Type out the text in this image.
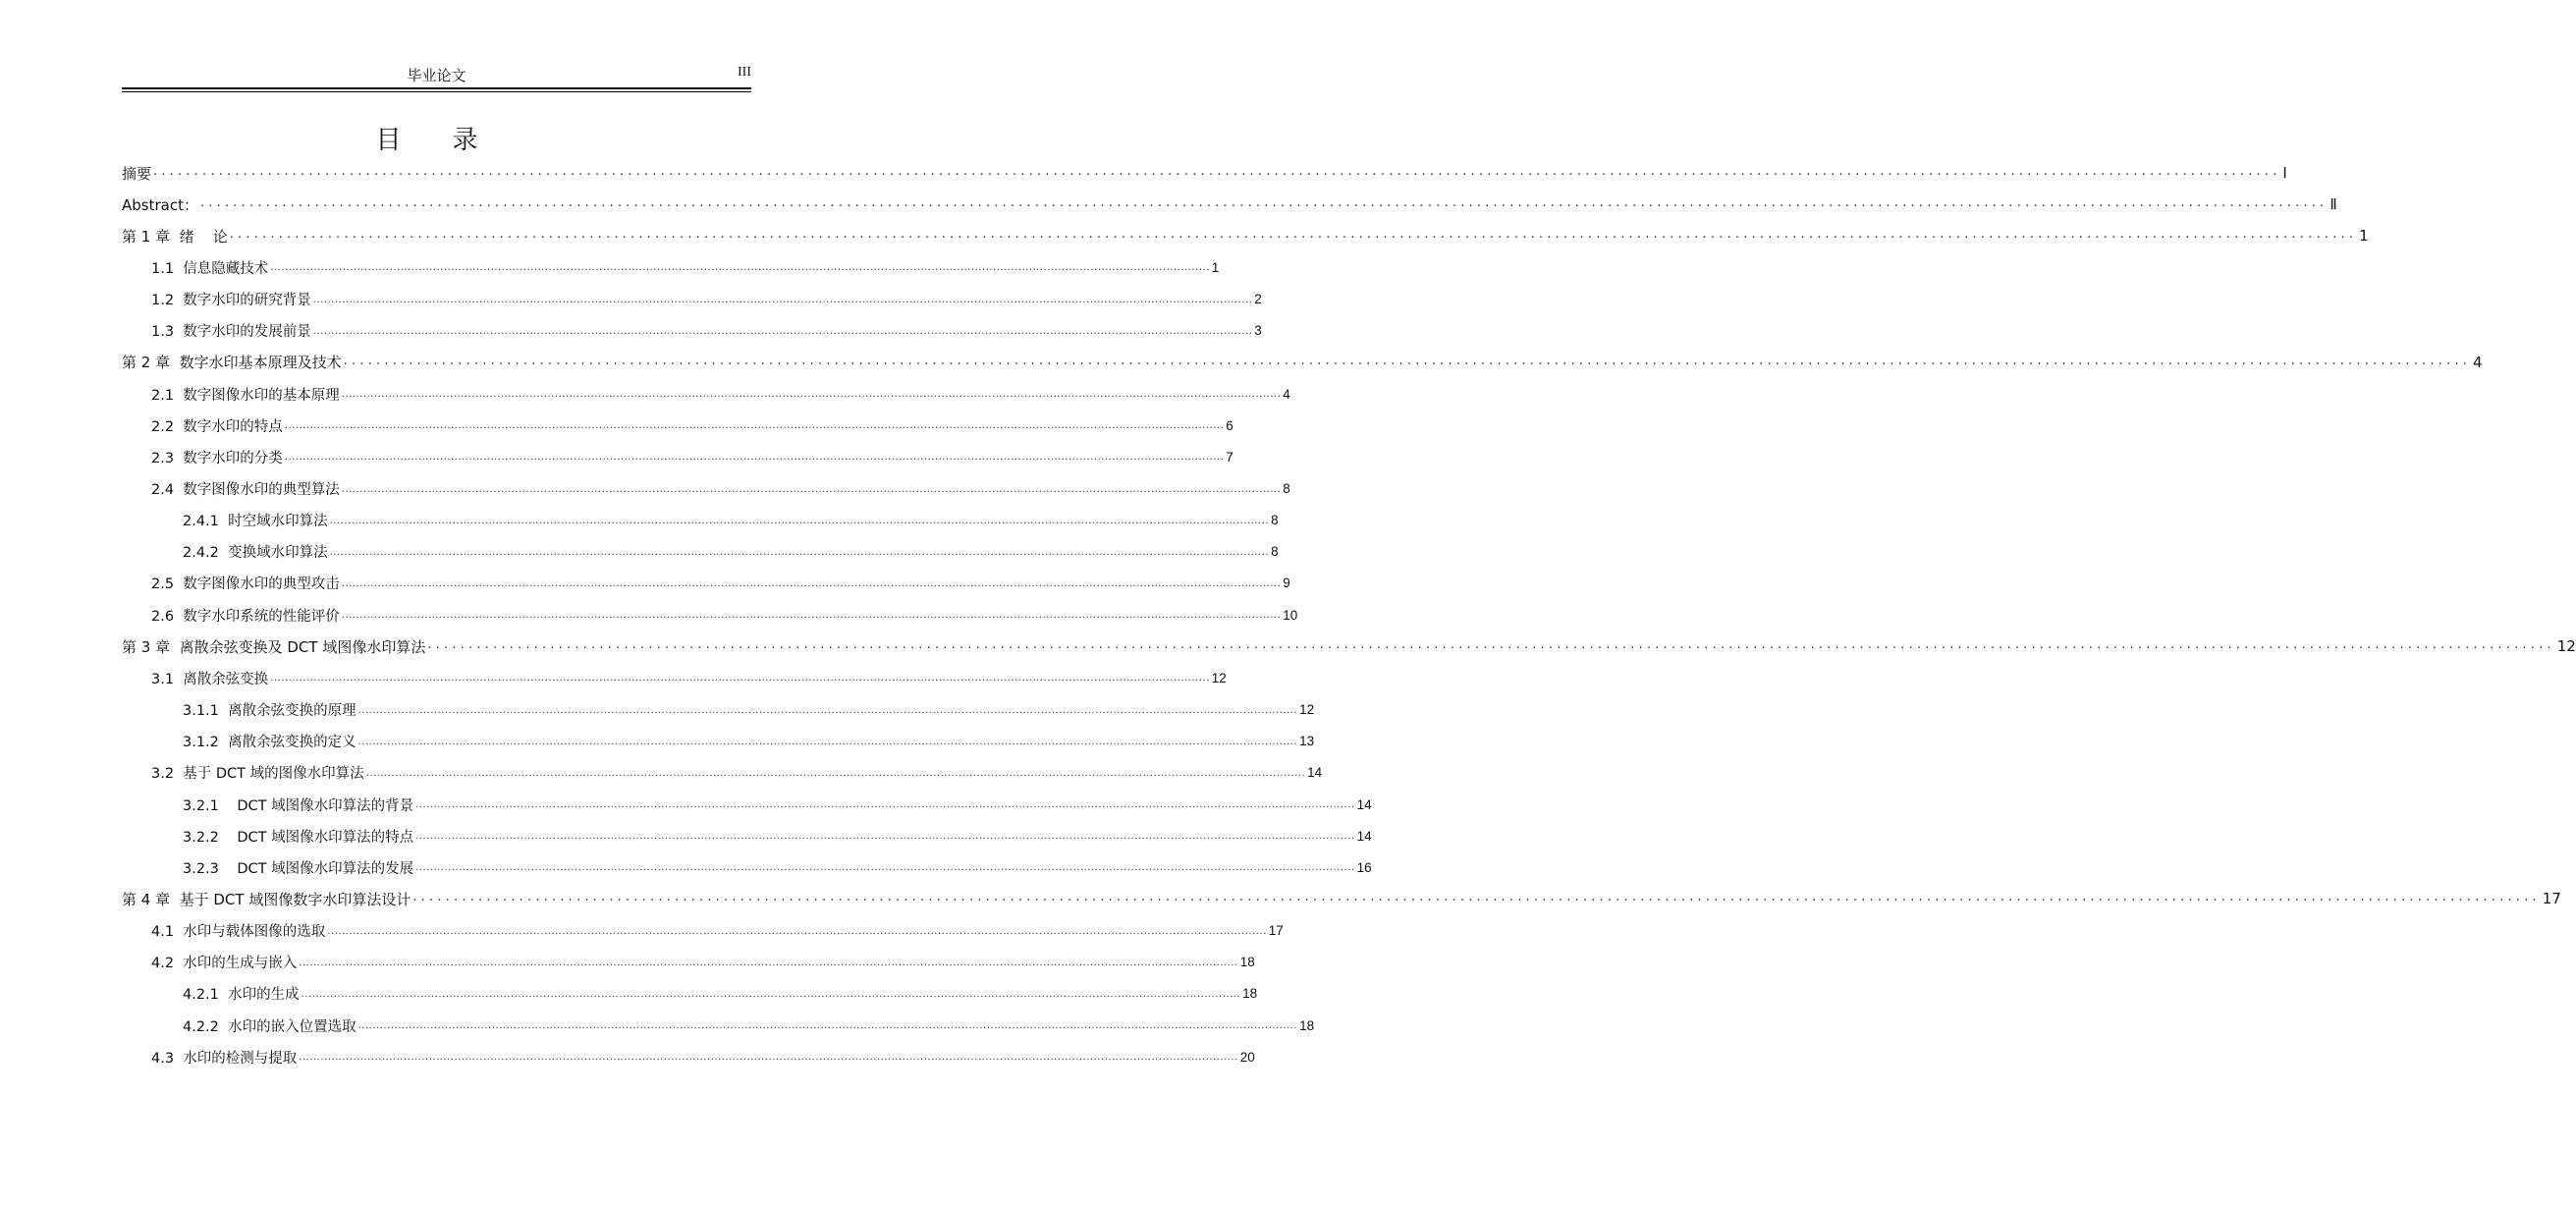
毕业论文	III
目录
摘要 .................................................................................................................................................................................................................................................................... Ⅰ
Abstract： .................................................................................................................................................................................................................................................................... Ⅱ
第 1 章  绪    论 .................................................................................................................................................................................................................................................................... 1
1.1  信息隐藏技术 .................................................................................................................................................................................................................................................................... 1
1.2  数字水印的研究背景 .................................................................................................................................................................................................................................................................... 2
1.3  数字水印的发展前景 .................................................................................................................................................................................................................................................................... 3
第 2 章  数字水印基本原理及技术 .................................................................................................................................................................................................................................................................... 4
2.1  数字图像水印的基本原理 .................................................................................................................................................................................................................................................................... 4
2.2  数字水印的特点 .................................................................................................................................................................................................................................................................... 6
2.3  数字水印的分类 .................................................................................................................................................................................................................................................................... 7
2.4  数字图像水印的典型算法 .................................................................................................................................................................................................................................................................... 8
2.4.1  时空域水印算法 .................................................................................................................................................................................................................................................................... 8
2.4.2  变换域水印算法 .................................................................................................................................................................................................................................................................... 8
2.5  数字图像水印的典型攻击 .................................................................................................................................................................................................................................................................... 9
2.6  数字水印系统的性能评价 .................................................................................................................................................................................................................................................................... 10
第 3 章  离散余弦变换及 DCT 域图像水印算法 .................................................................................................................................................................................................................................................................... 12
3.1  离散余弦变换 .................................................................................................................................................................................................................................................................... 12
3.1.1  离散余弦变换的原理 .................................................................................................................................................................................................................................................................... 12
3.1.2  离散余弦变换的定义 .................................................................................................................................................................................................................................................................... 13
3.2  基于 DCT 域的图像水印算法 .................................................................................................................................................................................................................................................................... 14
3.2.1    DCT 域图像水印算法的背景 .................................................................................................................................................................................................................................................................... 14
3.2.2    DCT 域图像水印算法的特点 .................................................................................................................................................................................................................................................................... 14
3.2.3    DCT 域图像水印算法的发展 .................................................................................................................................................................................................................................................................... 16
第 4 章  基于 DCT 域图像数字水印算法设计 .................................................................................................................................................................................................................................................................... 17
4.1  水印与载体图像的选取 .................................................................................................................................................................................................................................................................... 17
4.2  水印的生成与嵌入 .................................................................................................................................................................................................................................................................... 18
4.2.1  水印的生成 .................................................................................................................................................................................................................................................................... 18
4.2.2  水印的嵌入位置选取 .................................................................................................................................................................................................................................................................... 18
4.3  水印的检测与提取 .................................................................................................................................................................................................................................................................... 20
